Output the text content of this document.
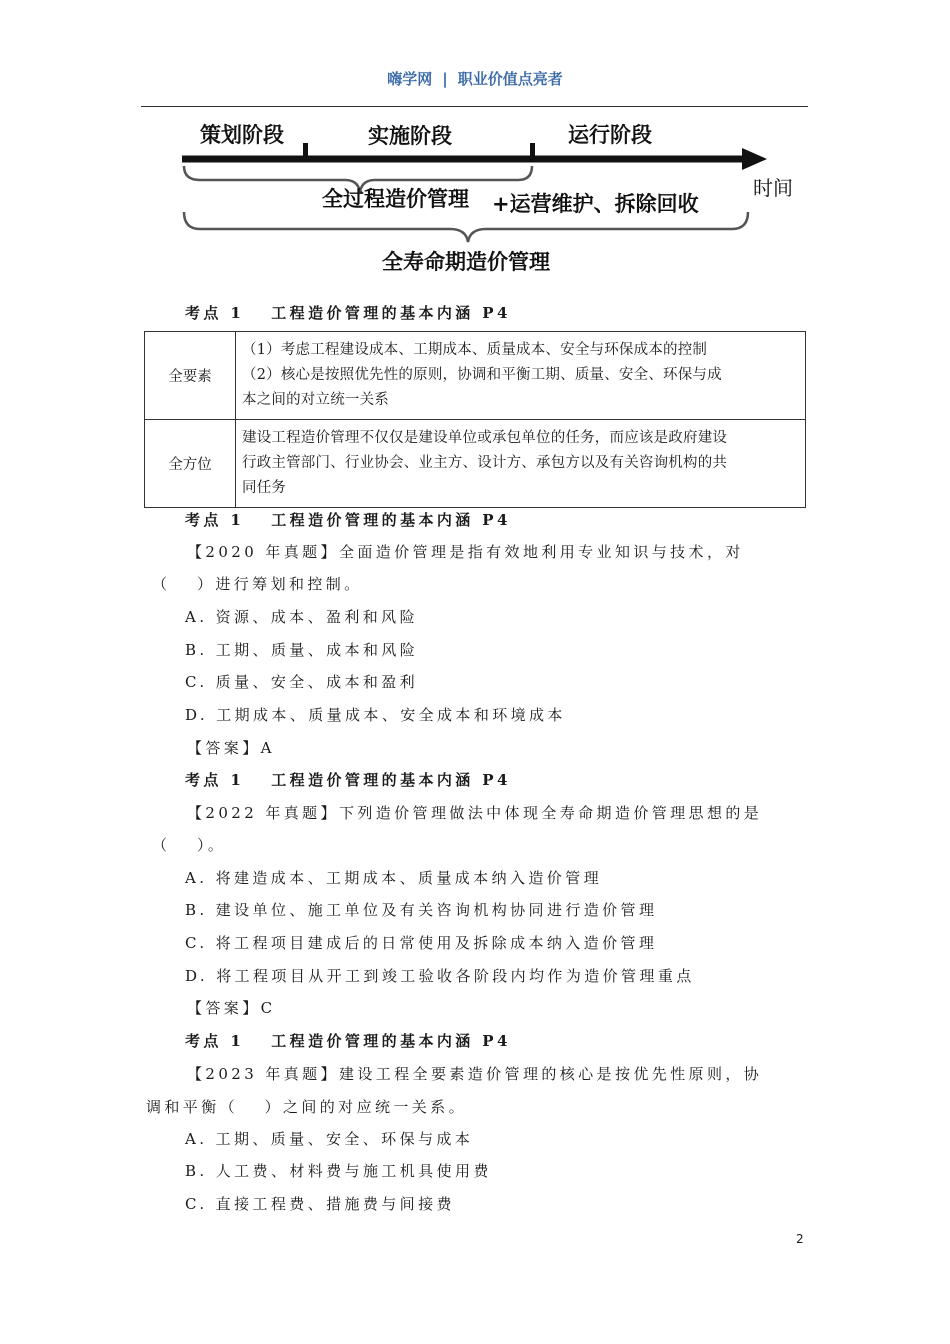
嗨学网 | 职业价值点亮者
策划阶段	实施阶段	运行阶段
时间
全过程造价管理 +运营维护、拆除回收
全寿命期造价管理
考点 1　 工程造价管理的基本内涵 P4
全要素	（1）考虑工程建设成本、工期成本、质量成本、安全与环保成本的控制
（2）核心是按照优先性的原则，协调和平衡工期、质量、安全、环保与成
本之间的对立统一关系

全方位	建设工程造价管理不仅仅是建设单位或承包单位的任务，而应该是政府建设
行政主管部门、行业协会、业主方、设计方、承包方以及有关咨询机构的共
同任务
考点 1　 工程造价管理的基本内涵 P4
【2020 年真题】全面造价管理是指有效地利用专业知识与技术，对
（　 ）进行筹划和控制。
A. 资源、成本、盈利和风险
B. 工期、质量、成本和风险
C. 质量、安全、成本和盈利
D. 工期成本、质量成本、安全成本和环境成本
【答案】A
考点 1　 工程造价管理的基本内涵 P4
【2022 年真题】下列造价管理做法中体现全寿命期造价管理思想的是
（　 ）。
A. 将建造成本、工期成本、质量成本纳入造价管理
B. 建设单位、施工单位及有关咨询机构协同进行造价管理
C. 将工程项目建成后的日常使用及拆除成本纳入造价管理
D. 将工程项目从开工到竣工验收各阶段内均作为造价管理重点
【答案】C
考点 1　 工程造价管理的基本内涵 P4
【2023 年真题】建设工程全要素造价管理的核心是按优先性原则，协
调和平衡（　 ）之间的对应统一关系。
A. 工期、质量、安全、环保与成本
B. 人工费、材料费与施工机具使用费
C. 直接工程费、措施费与间接费
2
